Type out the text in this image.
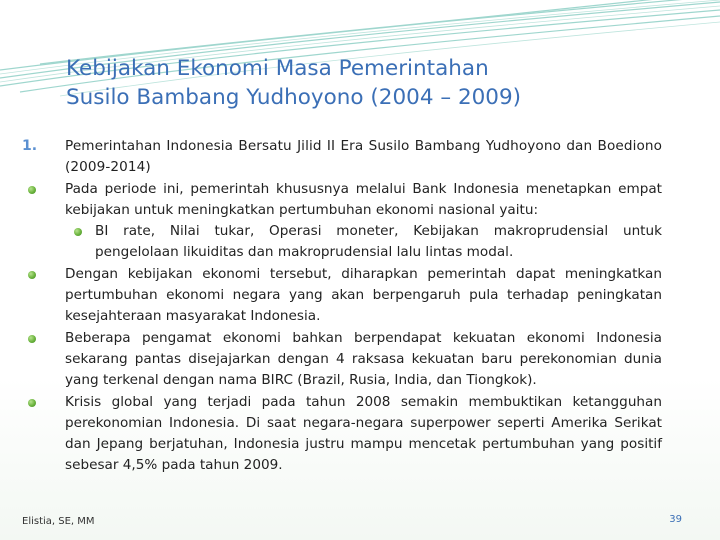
Kebijakan Ekonomi Masa Pemerintahan
Susilo Bambang Yudhoyono (2004 – 2009)
1.	Pemerintahan Indonesia Bersatu Jilid II Era Susilo Bambang Yudhoyono dan Boediono (2009-2014)
Pada periode ini, pemerintah khususnya melalui Bank Indonesia menetapkan empat kebijakan untuk meningkatkan pertumbuhan ekonomi nasional yaitu:
BI rate, Nilai tukar, Operasi moneter, Kebijakan makroprudensial untuk pengelolaan likuiditas dan makroprudensial lalu lintas modal.
Dengan kebijakan ekonomi tersebut, diharapkan pemerintah dapat meningkatkan pertumbuhan ekonomi negara yang akan berpengaruh pula terhadap peningkatan kesejahteraan masyarakat Indonesia.
Beberapa pengamat ekonomi bahkan berpendapat kekuatan ekonomi Indonesia sekarang pantas disejajarkan dengan 4 raksasa kekuatan baru perekonomian dunia yang terkenal dengan nama BIRC (Brazil, Rusia, India, dan Tiongkok).
Krisis global yang terjadi pada tahun 2008 semakin membuktikan ketangguhan perekonomian Indonesia. Di saat negara-negara superpower seperti Amerika Serikat dan Jepang berjatuhan, Indonesia justru mampu mencetak pertumbuhan yang positif sebesar 4,5% pada tahun 2009.
Elistia, SE, MM	39
